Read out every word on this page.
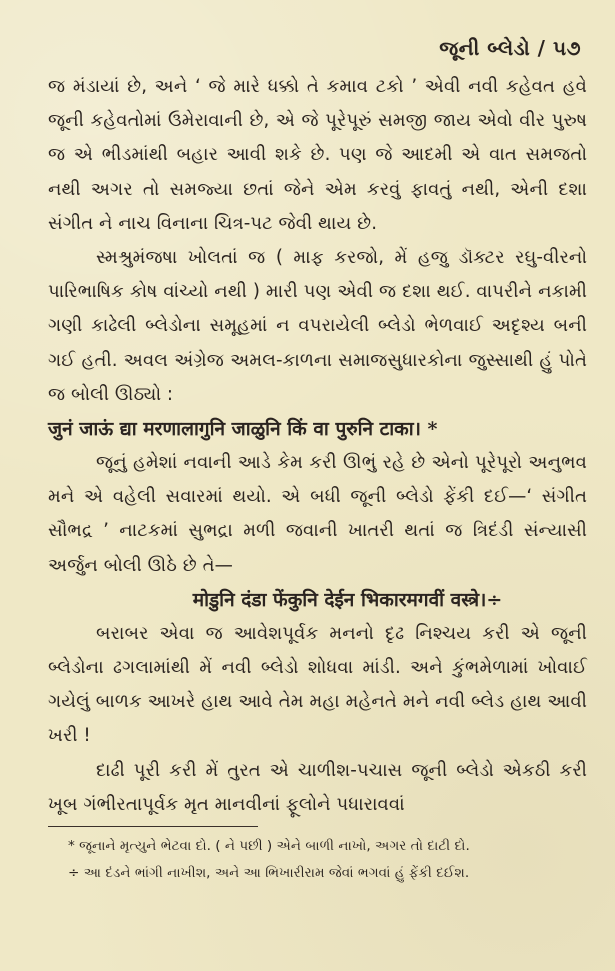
જૂની બ્લેડો / ૫૭

જ મંડાયાં છે, અને ‘ જે મારે ધક્કો તે કમાવ ટકો ’ એવી નવી કહેવત હવે જૂની કહેવતોમાં ઉમેરાવાની છે, એ જે પૂરેપૂરું સમજી જાય એવો વીર પુરુષ જ એ ભીડમાંથી બહાર આવી શકે છે. પણ જે આદમી એ વાત સમજતો નથી અગર તો સમજ્યા છતાં જેને એમ કરવું ફાવતું નથી, એની દશા સંગીત ને નાચ વિનાના ચિત્ર-પટ જેવી થાય છે.

સ્મશ્રુમંજષા ખોલતાં જ ( માફ કરજો, મેં હજુ ડૉક્ટર રઘુ-વીરનો પારિભાષિક કોષ વાંચ્યો નથી ) મારી પણ એવી જ દશા થઈ. વાપરીને નકામી ગણી કાઢેલી બ્લેડોના સમૂહમાં ન વપરાયેલી બ્લેડો ભેળવાઈ અદૃશ્ય બની ગઈ હતી. અવલ અંગ્રેજ અમલ-કાળના સમાજસુધારકોના જુસ્સાથી હું પોતે જ બોલી ઊઠ્યો :

जुनं जाऊं द्या मरणालागुनि जाळुनि किं वा पुरुनि टाका। *

જૂનું હમેશાં નવાની આડે કેમ કરી ઊભું રહે છે એનો પૂરેપૂરો અનુભવ મને એ વહેલી સવારમાં થયો. એ બધી જૂની બ્લેડો ફેંકી દઈ—‘ સંગીત સૌભદ્ર ’ નાટકમાં સુભદ્રા મળી જવાની ખાતરી થતાં જ ત્રિદંડી સંન્યાસી અર્જુન બોલી ઊઠે છે તે—

मोडुनि दंडा फेंकुनि देईन भिकारमगवीं वस्त्रे।÷

બરાબર એવા જ આવેશપૂર્વક મનનો દૃઢ નિશ્ચય કરી એ જૂની બ્લેડોના ઢગલામાંથી મેં નવી બ્લેડો શોધવા માંડી. અને કુંભમેળામાં ખોવાઈ ગયેલું બાળક આખરે હાથ આવે તેમ મહા મહેનતે મને નવી બ્લેડ હાથ આવી ખરી !

દાઢી પૂરી કરી મેં તુરત એ ચાળીશ-પચાસ જૂની બ્લેડો એકઠી કરી ખૂબ ગંભીરતાપૂર્વક મૃત માનવીનાં ફૂલોને પધારાવવાં

* જૂનાને મૃત્યુને ભેટવા દો. ( ને પછી ) એને બાળી નાખો, અગર તો દાટી દો.

÷ આ દંડને ભાંગી નાખીશ, અને આ ભિખારીરામ જેવાં ભગવાં હું ફેંકી દઈશ.
